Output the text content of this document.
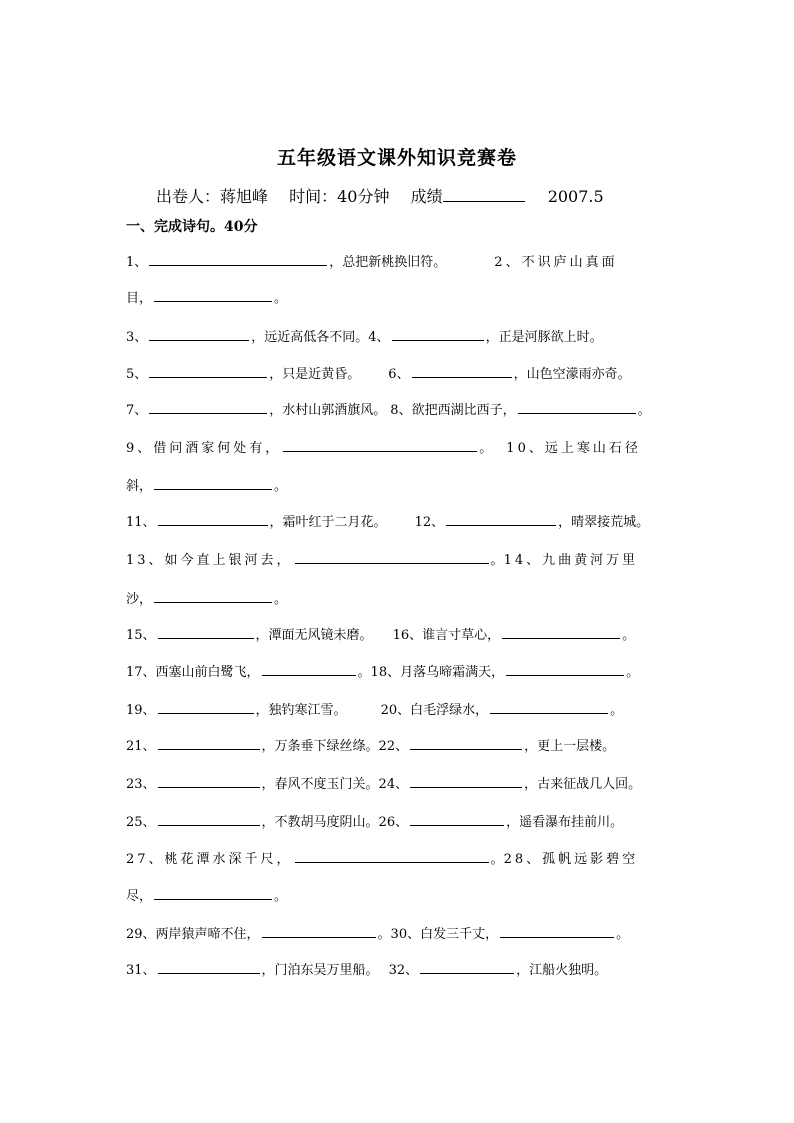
五年级语文课外知识竞赛卷
出卷人：蒋旭峰 时间：40分钟 成绩	2007.5
一、完成诗句。40分
1、	，总把新桃换旧符。	2、不识庐山真面
目，	。
3、	，远近高低各不同。4、	，正是河豚欲上时。
5、	，只是近黄昏。 6、	，山色空濛雨亦奇。
7、	，水村山郭酒旗风。 8、欲把西湖比西子，	。
9、借问酒家何处有，	。 10、远上寒山石径
斜，	。
11、	，霜叶红于二月花。 12、	，晴翠接荒城。
13、如今直上银河去，	。14、九曲黄河万里
沙，	。
15、	，潭面无风镜未磨。 16、谁言寸草心，	。
17、西塞山前白鹭飞，	。18、月落乌啼霜满天，	。
19、	，独钓寒江雪。	20、白毛浮绿水，	。
21、	，万条垂下绿丝绦。22、	，更上一层楼。
23、	，春风不度玉门关。24、	，古来征战几人回。
25、	，不教胡马度阴山。26、	，遥看瀑布挂前川。
27、桃花潭水深千尺，	。28、孤帆远影碧空
尽，	。
29、两岸猿声啼不住，	。30、白发三千丈，	。
31、	，门泊东吴万里船。 32、	，江船火独明。
